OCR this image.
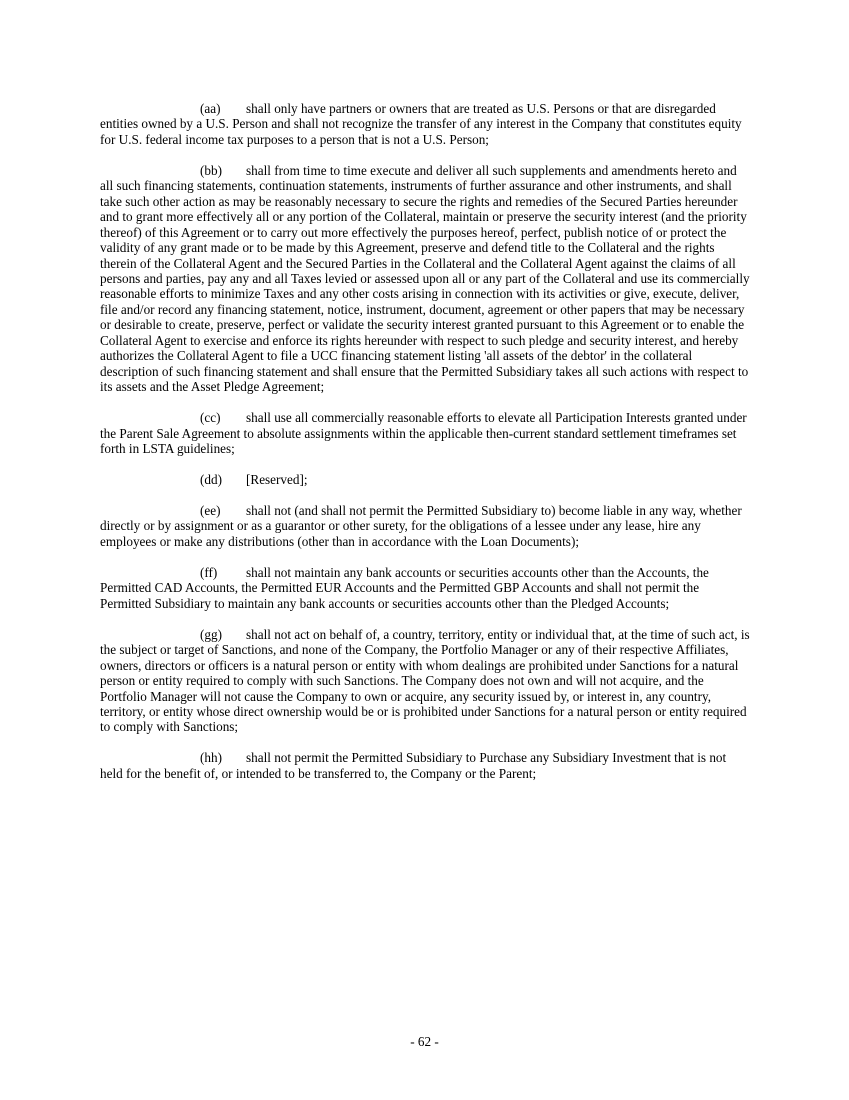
(aa) shall only have partners or owners that are treated as U.S. Persons or that are disregarded entities owned by a U.S. Person and shall not recognize the transfer of any interest in the Company that constitutes equity for U.S. federal income tax purposes to a person that is not a U.S. Person;

(bb) shall from time to time execute and deliver all such supplements and amendments hereto and all such financing statements, continuation statements, instruments of further assurance and other instruments, and shall take such other action as may be reasonably necessary to secure the rights and remedies of the Secured Parties hereunder and to grant more effectively all or any portion of the Collateral, maintain or preserve the security interest (and the priority thereof) of this Agreement or to carry out more effectively the purposes hereof, perfect, publish notice of or protect the validity of any grant made or to be made by this Agreement, preserve and defend title to the Collateral and the rights therein of the Collateral Agent and the Secured Parties in the Collateral and the Collateral Agent against the claims of all persons and parties, pay any and all Taxes levied or assessed upon all or any part of the Collateral and use its commercially reasonable efforts to minimize Taxes and any other costs arising in connection with its activities or give, execute, deliver, file and/or record any financing statement, notice, instrument, document, agreement or other papers that may be necessary or desirable to create, preserve, perfect or validate the security interest granted pursuant to this Agreement or to enable the Collateral Agent to exercise and enforce its rights hereunder with respect to such pledge and security interest, and hereby authorizes the Collateral Agent to file a UCC financing statement listing 'all assets of the debtor' in the collateral description of such financing statement and shall ensure that the Permitted Subsidiary takes all such actions with respect to its assets and the Asset Pledge Agreement;

(cc) shall use all commercially reasonable efforts to elevate all Participation Interests granted under the Parent Sale Agreement to absolute assignments within the applicable then-current standard settlement timeframes set forth in LSTA guidelines;

(dd) [Reserved];

(ee) shall not (and shall not permit the Permitted Subsidiary to) become liable in any way, whether directly or by assignment or as a guarantor or other surety, for the obligations of a lessee under any lease, hire any employees or make any distributions (other than in accordance with the Loan Documents);

(ff) shall not maintain any bank accounts or securities accounts other than the Accounts, the Permitted CAD Accounts, the Permitted EUR Accounts and the Permitted GBP Accounts and shall not permit the Permitted Subsidiary to maintain any bank accounts or securities accounts other than the Pledged Accounts;

(gg) shall not act on behalf of, a country, territory, entity or individual that, at the time of such act, is the subject or target of Sanctions, and none of the Company, the Portfolio Manager or any of their respective Affiliates, owners, directors or officers is a natural person or entity with whom dealings are prohibited under Sanctions for a natural person or entity required to comply with such Sanctions. The Company does not own and will not acquire, and the Portfolio Manager will not cause the Company to own or acquire, any security issued by, or interest in, any country, territory, or entity whose direct ownership would be or is prohibited under Sanctions for a natural person or entity required to comply with Sanctions;

(hh) shall not permit the Permitted Subsidiary to Purchase any Subsidiary Investment that is not held for the benefit of, or intended to be transferred to, the Company or the Parent;

- 62 -
